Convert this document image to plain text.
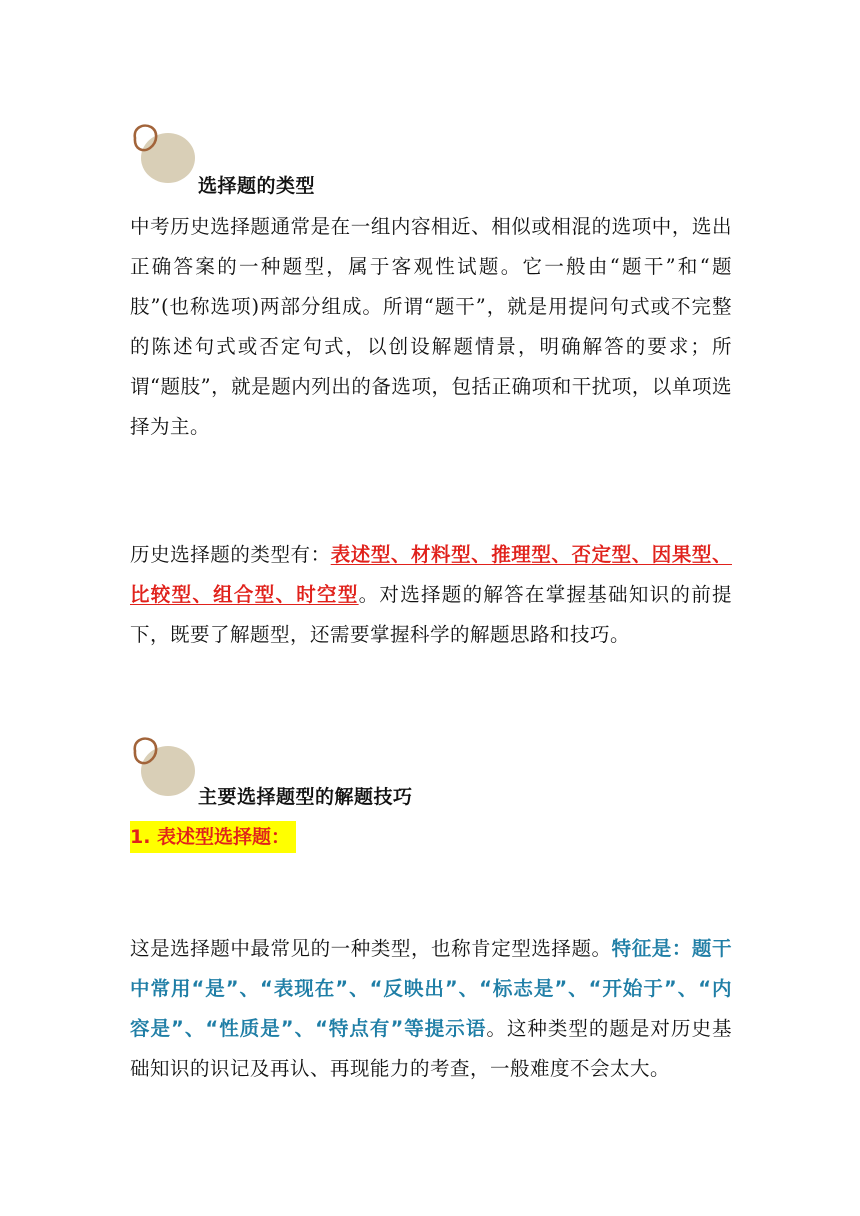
选择题的类型

中考历史选择题通常是在一组内容相近、相似或相混的选项中，选出正确答案的一种题型，属于客观性试题。它一般由“题干”和“题肢”(也称选项)两部分组成。所谓“题干”，就是用提问句式或不完整的陈述句式或否定句式，以创设解题情景，明确解答的要求；所谓“题肢”，就是题内列出的备选项，包括正确项和干扰项，以单项选择为主。

历史选择题的类型有：表述型、材料型、推理型、否定型、因果型、比较型、组合型、时空型。对选择题的解答在掌握基础知识的前提下，既要了解题型，还需要掌握科学的解题思路和技巧。

主要选择题型的解题技巧
1. 表述型选择题：

这是选择题中最常见的一种类型，也称肯定型选择题。特征是：题干中常用“是”、“表现在”、“反映出”、“标志是”、“开始于”、“内容是”、“性质是”、“特点有”等提示语。这种类型的题是对历史基础知识的识记及再认、再现能力的考查，一般难度不会太大。
